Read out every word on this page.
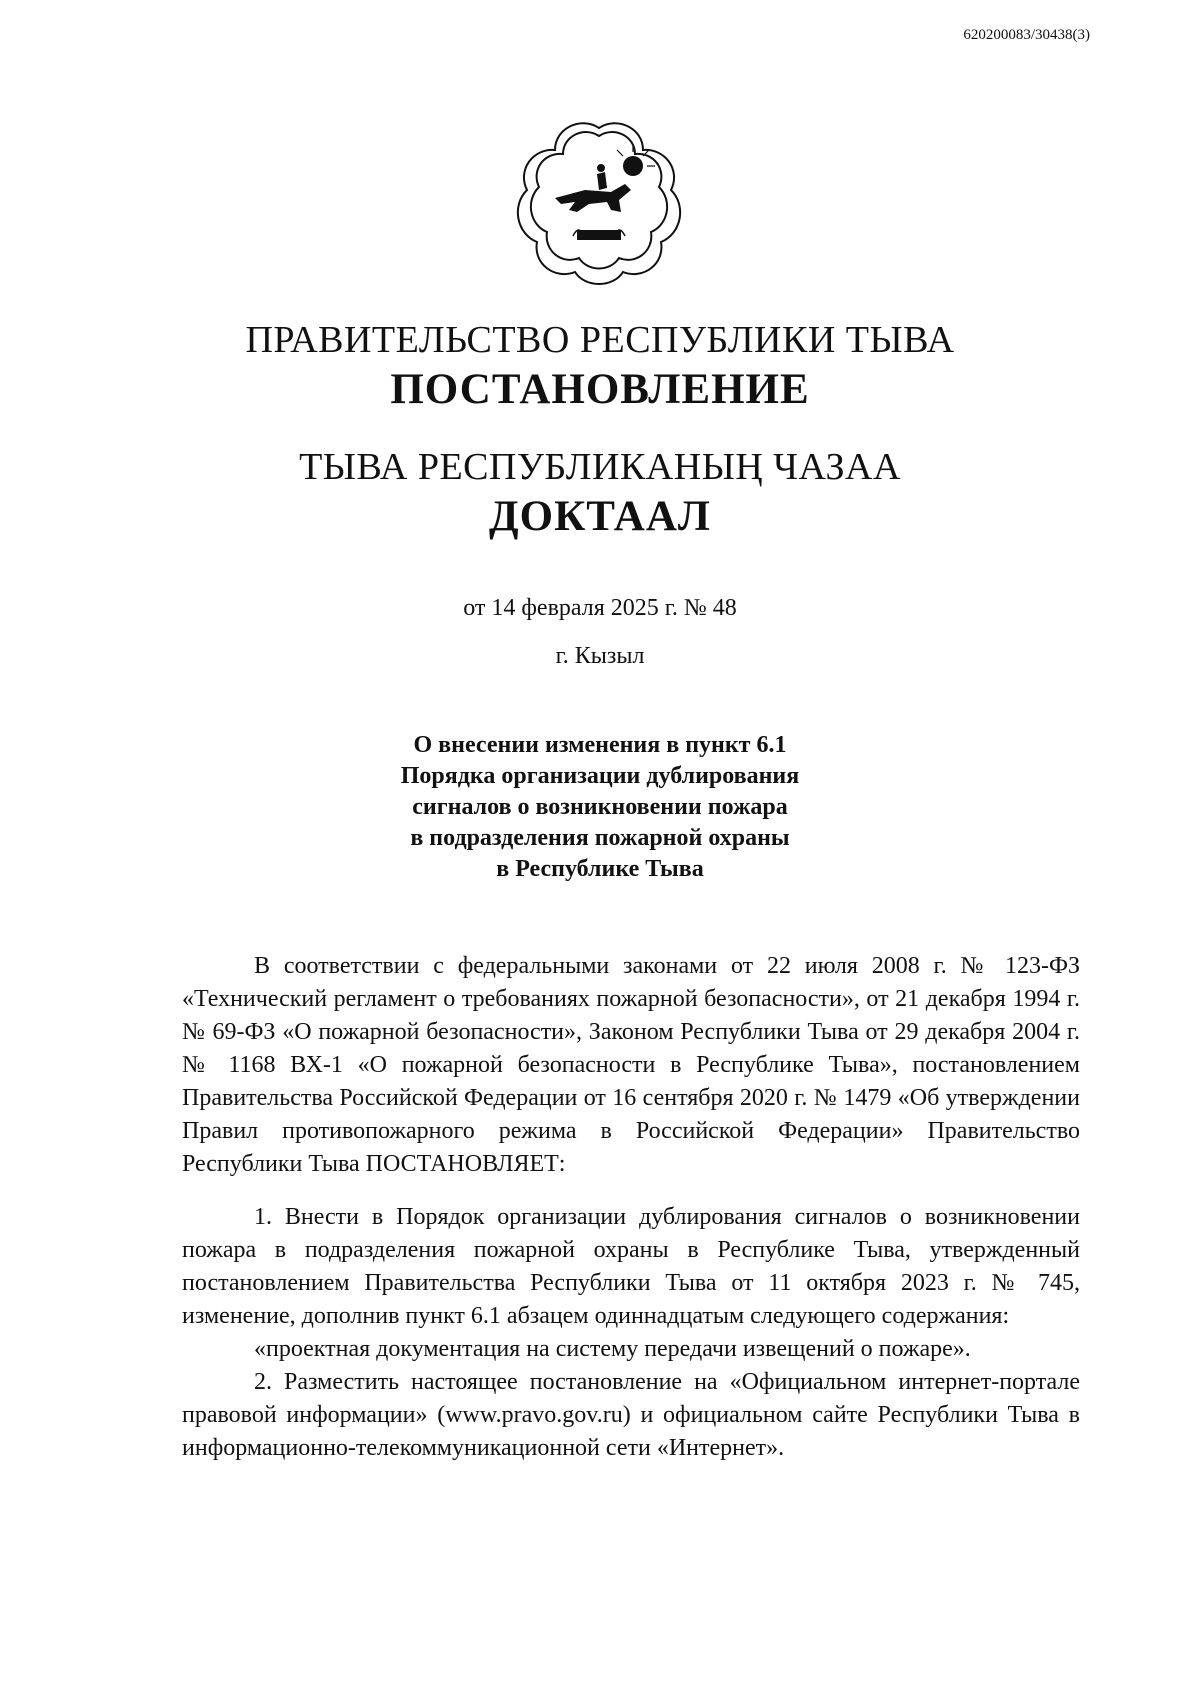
620200083/30438(3)
ПРАВИТЕЛЬСТВО РЕСПУБЛИКИ ТЫВА
ПОСТАНОВЛЕНИЕ
ТЫВА РЕСПУБЛИКАНЫҢ ЧАЗАА
ДОКТААЛ
от 14 февраля 2025 г. № 48
г. Кызыл
О внесении изменения в пункт 6.1
Порядка организации дублирования
сигналов о возникновении пожара
в подразделения пожарной охраны
в Республике Тыва

В соответствии с федеральными законами от 22 июля 2008 г. № 123-ФЗ «Технический регламент о требованиях пожарной безопасности», от 21 декабря 1994 г. № 69-ФЗ «О пожарной безопасности», Законом Республики Тыва от 29 декабря 2004 г. № 1168 ВХ-1 «О пожарной безопасности в Республике Тыва», постановлением Правительства Российской Федерации от 16 сентября 2020 г. № 1479 «Об утверждении Правил противопожарного режима в Российской Федерации» Правительство Республики Тыва ПОСТАНОВЛЯЕТ:

1. Внести в Порядок организации дублирования сигналов о возникновении пожара в подразделения пожарной охраны в Республике Тыва, утвержденный постановлением Правительства Республики Тыва от 11 октября 2023 г. № 745, изменение, дополнив пункт 6.1 абзацем одиннадцатым следующего содержания:

«проектная документация на систему передачи извещений о пожаре».

2. Разместить настоящее постановление на «Официальном интернет-портале правовой информации» (www.pravo.gov.ru) и официальном сайте Республики Тыва в информационно-телекоммуникационной сети «Интернет».
